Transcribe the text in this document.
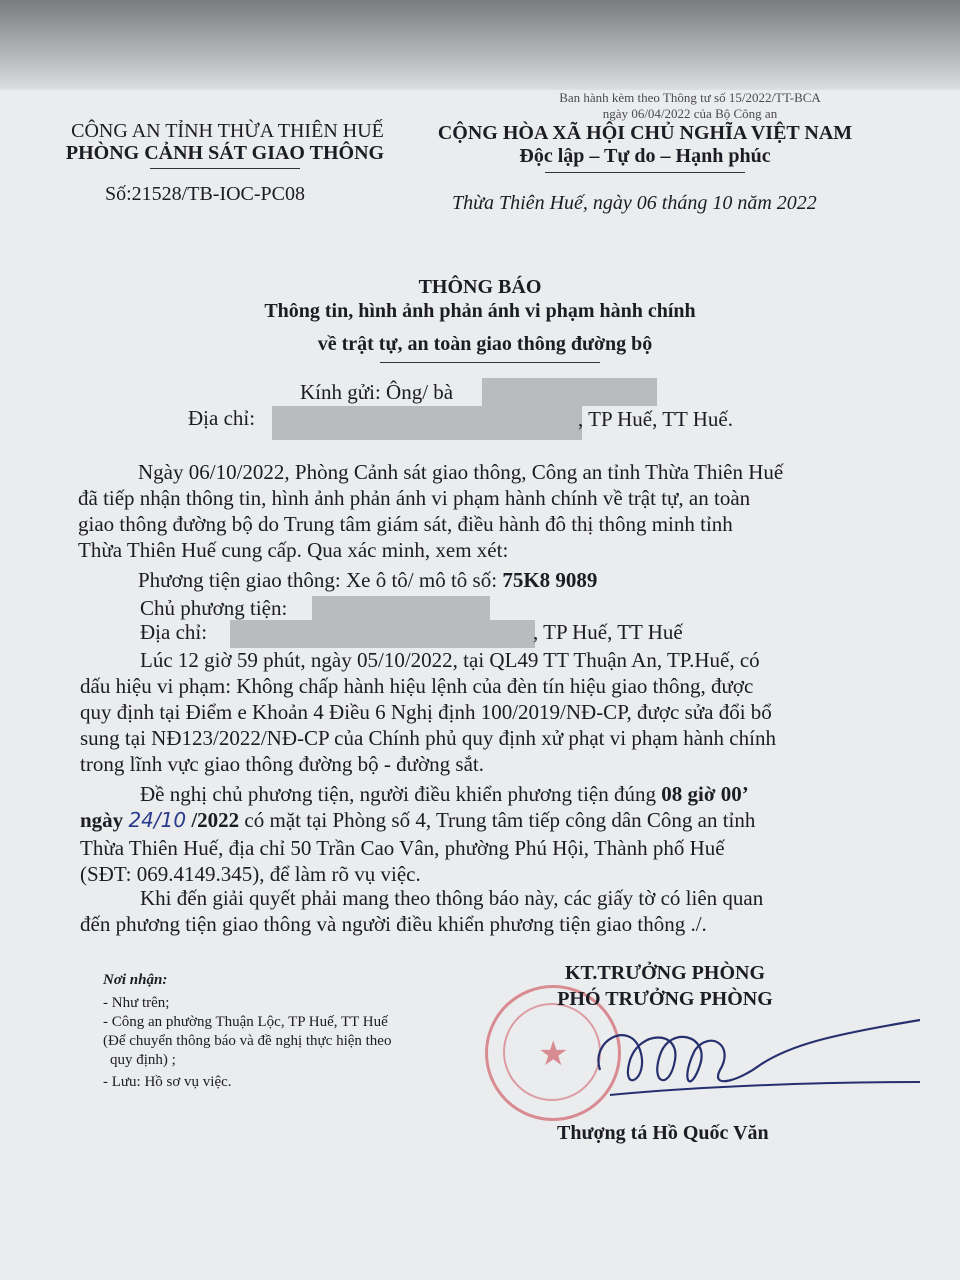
CÔNG AN TỈNH THỪA THIÊN HUẾ
PHÒNG CẢNH SÁT GIAO THÔNG
Số:21528/TB-IOC-PC08
Ban hành kèm theo Thông tư số 15/2022/TT-BCA
ngày 06/04/2022 của Bộ Công an
CỘNG HÒA XÃ HỘI CHỦ NGHĨA VIỆT NAM
Độc lập – Tự do – Hạnh phúc
Thừa Thiên Huế, ngày 06 tháng 10 năm 2022
THÔNG BÁO
Thông tin, hình ảnh phản ánh vi phạm hành chính
về trật tự, an toàn giao thông đường bộ
Kính gửi: Ông/ bà
Địa chỉ:	, TP Huế, TT Huế.
Ngày 06/10/2022, Phòng Cảnh sát giao thông, Công an tỉnh Thừa Thiên Huế
đã tiếp nhận thông tin, hình ảnh phản ánh vi phạm hành chính về trật tự, an toàn
giao thông đường bộ do Trung tâm giám sát, điều hành đô thị thông minh tỉnh
Thừa Thiên Huế cung cấp. Qua xác minh, xem xét:
Phương tiện giao thông: Xe ô tô/ mô tô số: 75K8 9089
Chủ phương tiện:
Địa chỉ:	, TP Huế, TT Huế
Lúc 12 giờ 59 phút, ngày 05/10/2022, tại QL49 TT Thuận An, TP.Huế, có
dấu hiệu vi phạm: Không chấp hành hiệu lệnh của đèn tín hiệu giao thông, được
quy định tại Điểm e Khoản 4 Điều 6 Nghị định 100/2019/NĐ-CP, được sửa đổi bổ
sung tại NĐ123/2022/NĐ-CP của Chính phủ quy định xử phạt vi phạm hành chính
trong lĩnh vực giao thông đường bộ - đường sắt.
Đề nghị chủ phương tiện, người điều khiển phương tiện đúng 08 giờ 00’
ngày 24/10 /2022 có mặt tại Phòng số 4, Trung tâm tiếp công dân Công an tỉnh
Thừa Thiên Huế, địa chỉ 50 Trần Cao Vân, phường Phú Hội, Thành phố Huế
(SĐT: 069.4149.345), để làm rõ vụ việc.
Khi đến giải quyết phải mang theo thông báo này, các giấy tờ có liên quan
đến phương tiện giao thông và người điều khiển phương tiện giao thông ./.
Nơi nhận:
- Như trên;
- Công an phường Thuận Lộc, TP Huế, TT Huế
(Để chuyển thông báo và đề nghị thực hiện theo
quy định) ;
- Lưu: Hồ sơ vụ việc.
★
KT.TRƯỞNG PHÒNG
PHÓ TRƯỞNG PHÒNG
Thượng tá Hồ Quốc Văn
